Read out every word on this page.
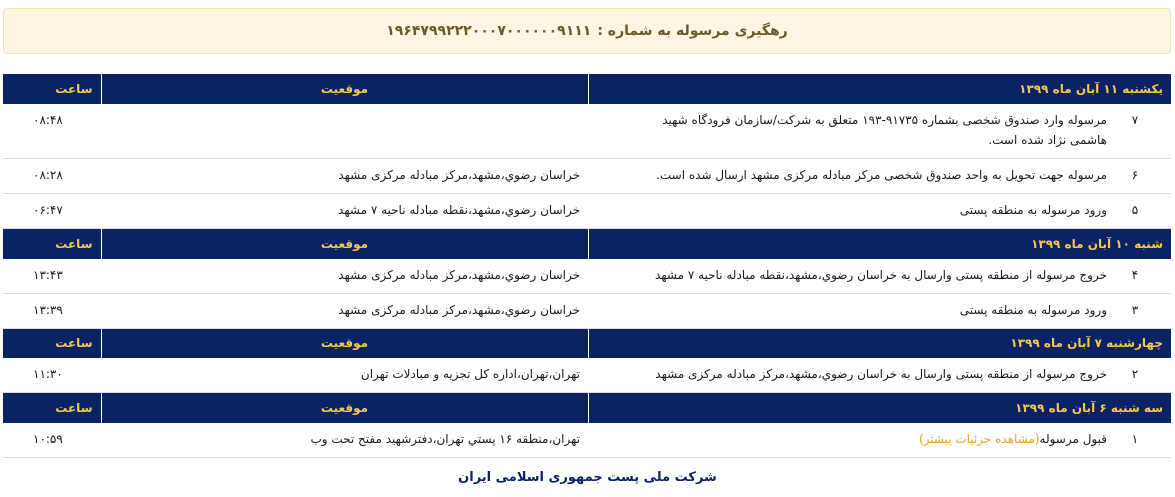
رهگیری مرسوله به شماره :
۱۹۶۴۷۹۹۲۲۲۰۰۰۷۰۰۰۰۰۰۹۱۱۱
يکشنبه ۱۱ آبان ماه ۱۳۹۹	موقعیت	ساعت

۷
مرسوله وارد صندوق شخصی بشماره ۹۱۷۳۵-۱۹۳ متعلق به شرکت/سازمان فرودگاه شهید هاشمی نژاد شده است.		۰۸:۴۸

۶
مرسوله جهت تحویل به واحد صندوق شخصی مرکز مبادله مرکزی مشهد ارسال شده است.	خراسان رضوي،مشهد،مرکز مبادله مرکزی مشهد	۰۸:۲۸

۵
ورود مرسوله به منطقه پستی	خراسان رضوي،مشهد،نقطه مبادله ناحيه ۷ مشهد	۰۶:۴۷
شنبه ۱۰ آبان ماه ۱۳۹۹	موقعیت	ساعت

۴
خروج مرسوله از منطقه پستی وارسال به خراسان رضوي،مشهد،نقطه مبادله ناحيه ۷ مشهد	خراسان رضوي،مشهد،مرکز مبادله مرکزی مشهد	۱۳:۴۳

۳
ورود مرسوله به منطقه پستی	خراسان رضوي،مشهد،مرکز مبادله مرکزی مشهد	۱۳:۳۹
چهارشنبه ۷ آبان ماه ۱۳۹۹	موقعیت	ساعت

۲
خروج مرسوله از منطقه پستی وارسال به خراسان رضوي،مشهد،مرکز مبادله مرکزی مشهد	تهران،تهران،اداره کل تجزيه و مبادلات تهران	۱۱:۳۰
سه شنبه ۶ آبان ماه ۱۳۹۹	موقعیت	ساعت

۱
قبول مرسوله(مشاهده جزئیات بیشتر)	تهران،منطقه ۱۶ پستي تهران،دفترشهيد مفتح تحت وب	۱۰:۵۹
شرکت ملی پست جمهوری اسلامی ایران
